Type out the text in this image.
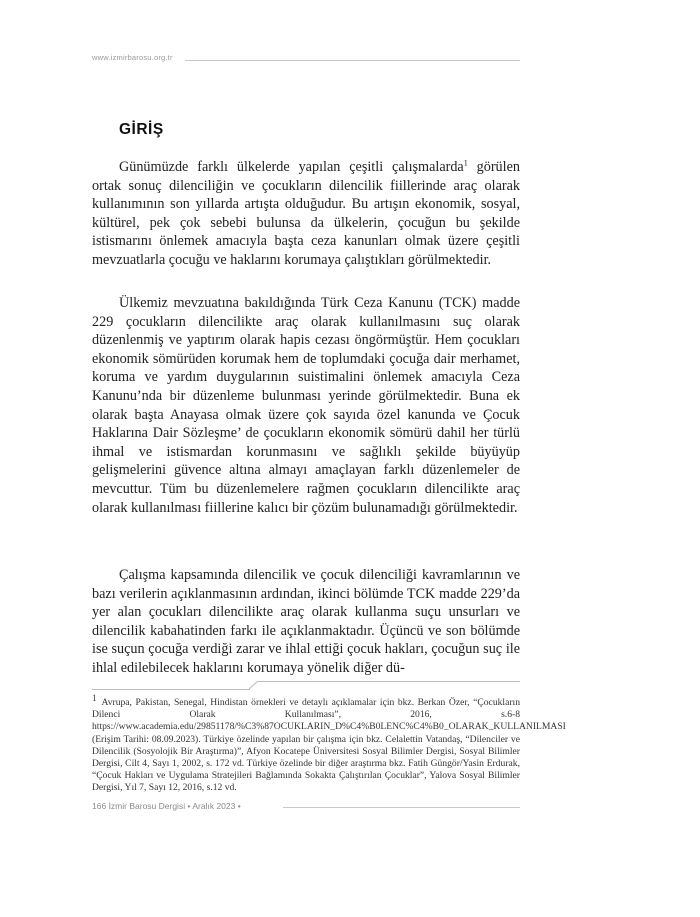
www.izmirbarosu.org.tr
GİRİŞ

Günümüzde farklı ülkelerde yapılan çeşitli çalışmalarda$^1$ görülen ortak sonuç dilenciliğin ve çocukların dilencilik fiillerinde araç olarak kullanımının son yıllarda artışta olduğudur. Bu artışın ekonomik, sosyal, kültürel, pek çok sebebi bulunsa da ülkelerin, çocuğun bu şekilde istismarını önlemek amacıyla başta ceza kanunları olmak üzere çeşitli mevzuatlarla çocuğu ve haklarını korumaya çalıştıkları görülmektedir.

Ülkemiz mevzuatına bakıldığında Türk Ceza Kanunu (TCK) madde 229 çocukların dilencilikte araç olarak kullanılmasını suç olarak düzenlenmiş ve yaptırım olarak hapis cezası öngörmüştür. Hem çocukları ekonomik sömürüden korumak hem de toplumdaki çocuğa dair merhamet, koruma ve yardım duygularının suistimalini önlemek amacıyla Ceza Kanunu’nda bir düzenleme bulunması yerinde görülmektedir. Buna ek olarak başta Anayasa olmak üzere çok sayıda özel kanunda ve Çocuk Haklarına Dair Sözleşme’ de çocukların ekonomik sömürü dahil her türlü ihmal ve istismardan korunmasını ve sağlıklı şekilde büyüyüp gelişmelerini güvence altına almayı amaçlayan farklı düzenlemeler de mevcuttur. Tüm bu düzenlemelere rağmen çocukların dilencilikte araç olarak kullanılması fiillerine kalıcı bir çözüm bulunamadığı görülmektedir.

Çalışma kapsamında dilencilik ve çocuk dilenciliği kavramlarının ve bazı verilerin açıklanmasının ardından, ikinci bölümde TCK madde 229’da yer alan çocukları dilencilikte araç olarak kullanma suçu unsurları ve dilencilik kabahatinden farkı ile açıklanmaktadır. Üçüncü ve son bölümde ise suçun çocuğa verdiği zarar ve ihlal ettiği çocuk hakları, çocuğun suç ile ihlal edilebilecek haklarını korumaya yönelik diğer dü-

1 Avrupa, Pakistan, Senegal, Hindistan örnekleri ve detaylı açıklamalar için bkz. Berkan Özer, “Çocukların Dilenci Olarak Kullanılması”, 2016, s.6-8 https://www.academia.edu/29851178/%C3%87OCUKLARIN_D%C4%B0LENC%C4%B0_OLARAK_KULLANILMASI (Erişim Tarihi: 08.09.2023). Türkiye özelinde yapılan bir çalışma için bkz. Celalettin Vatandaş, “Dilenciler ve Dilencilik (Sosyolojik Bir Araştırma)”, Afyon Kocatepe Üniversitesi Sosyal Bilimler Dergisi, Sosyal Bilimler Dergisi, Cilt 4, Sayı 1, 2002, s. 172 vd. Türkiye özelinde bir diğer araştırma bkz. Fatih Güngör/Yasin Erdurak, “Çocuk Hakları ve Uygulama Stratejileri Bağlamında Sokakta Çalıştırılan Çocuklar”, Yalova Sosyal Bilimler Dergisi, Yıl 7, Sayı 12, 2016, s.12 vd.

166 İzmir Barosu Dergisi • Aralık 2023 •
